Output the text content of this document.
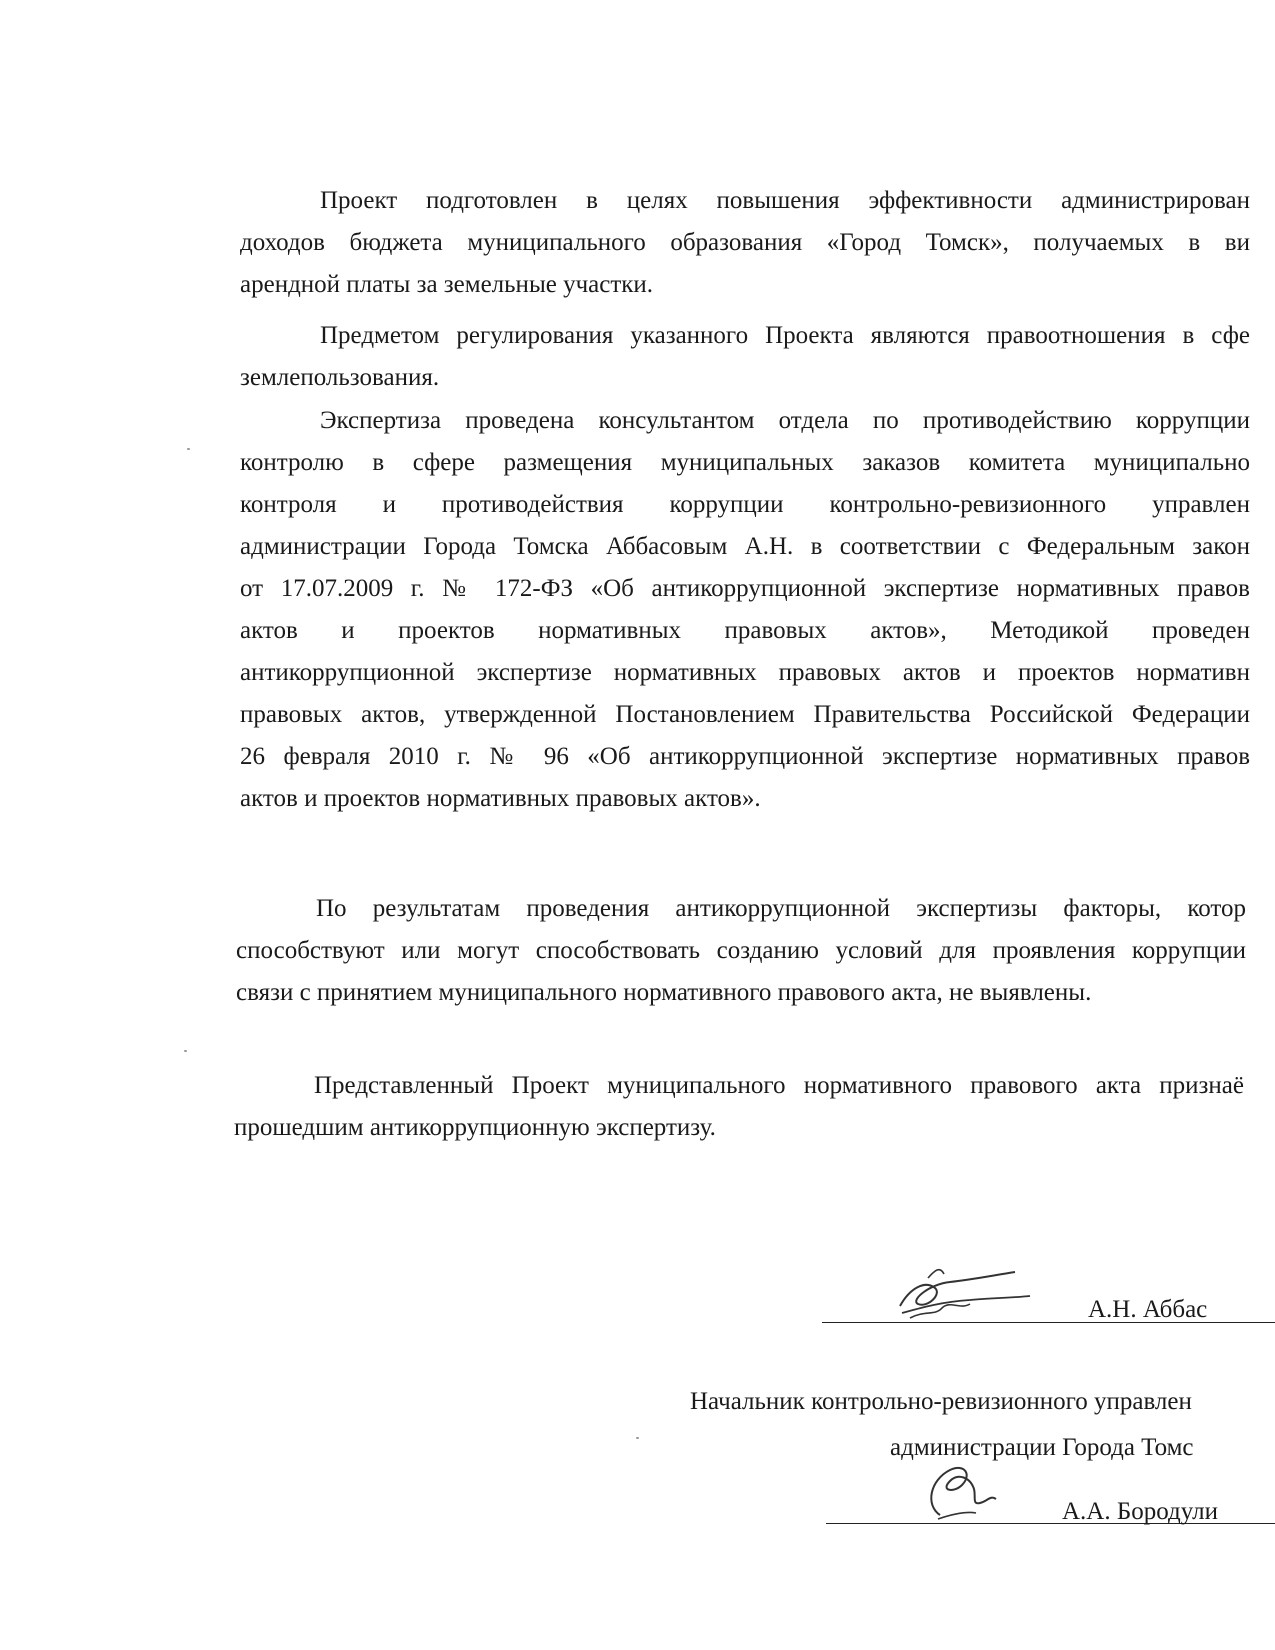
Проект подготовлен в целях повышения эффективности администрирован
доходов бюджета муниципального образования «Город Томск», получаемых в ви
арендной платы за земельные участки.
Предметом регулирования указанного Проекта являются правоотношения в сфе
землепользования.
Экспертиза проведена консультантом отдела по противодействию коррупции
контролю в сфере размещения муниципальных заказов комитета муниципально
контроля и противодействия коррупции контрольно-ревизионного управлен
администрации Города Томска Аббасовым А.Н. в соответствии с Федеральным закон
от 17.07.2009 г. № 172-ФЗ «Об антикоррупционной экспертизе нормативных правов
актов и проектов нормативных правовых актов», Методикой проведен
антикоррупционной экспертизе нормативных правовых актов и проектов нормативн
правовых актов, утвержденной Постановлением Правительства Российской Федерации
26 февраля 2010 г. № 96 «Об антикоррупционной экспертизе нормативных правов
актов и проектов нормативных правовых актов».
По результатам проведения антикоррупционной экспертизы факторы, котор
способствуют или могут способствовать созданию условий для проявления коррупции
связи с принятием муниципального нормативного правового акта, не выявлены.
Представленный Проект муниципального нормативного правового акта признаё
прошедшим антикоррупционную экспертизу.
А.Н. Аббас
Начальник контрольно-ревизионного управлен
администрации Города Томс
А.А. Бородули
